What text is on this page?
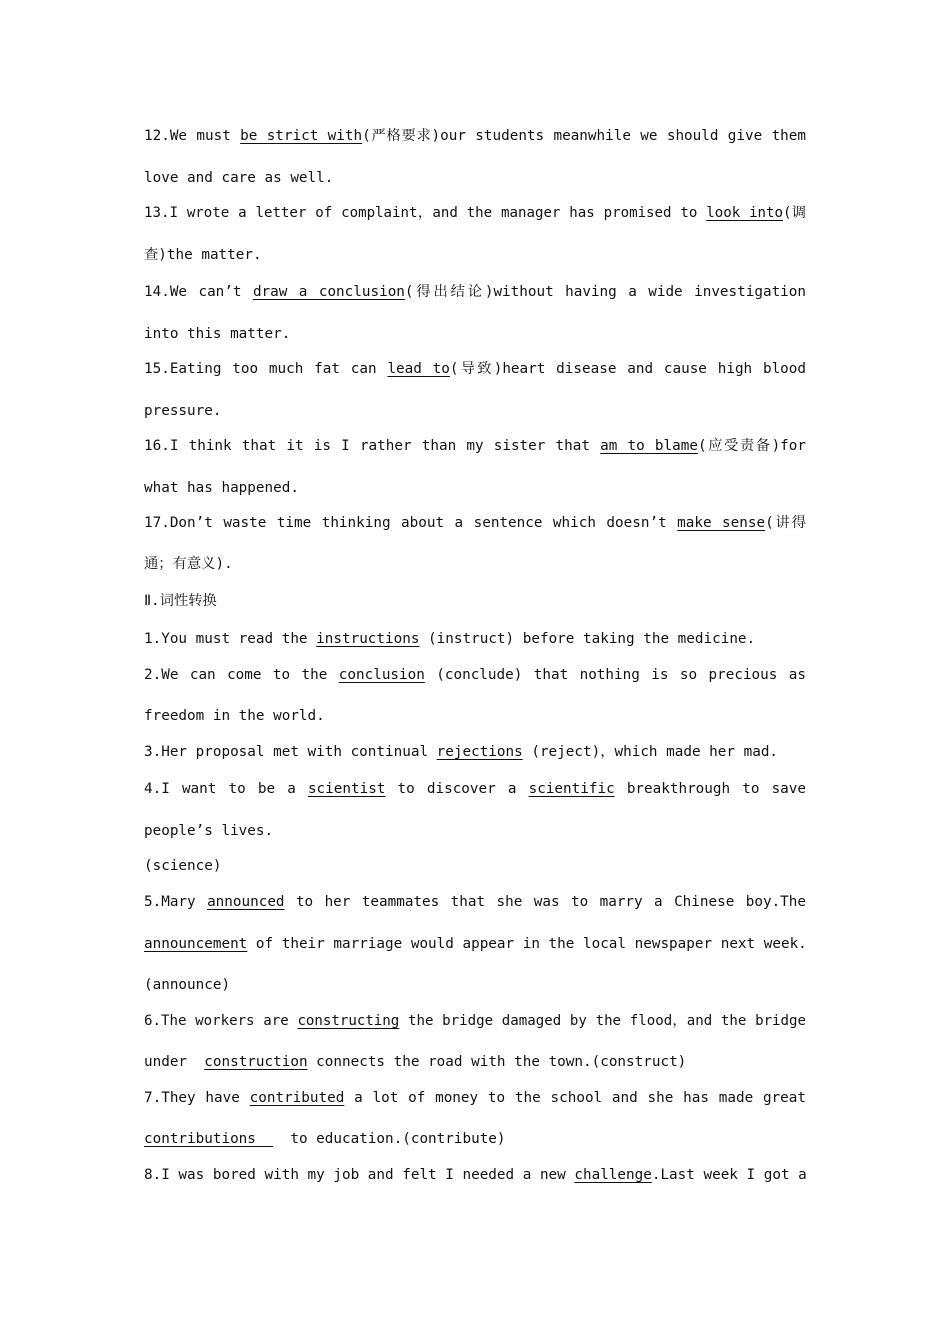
12.We must be strict with(严格要求)our students meanwhile we should give them
love and care as well.
13.I wrote a letter of complaint，and the manager has promised to look into(调
查)the matter.
14.We can’t draw a conclusion(得出结论)without having a wide investigation
into this matter.
15.Eating too much fat can lead to(导致)heart disease and cause high blood
pressure.
16.I think that it is I rather than my sister that am to blame(应受责备)for
what has happened.
17.Don’t waste time thinking about a sentence which doesn’t make sense(讲得
通；有意义).
Ⅱ.词性转换
1.You must read the instructions (instruct) before taking the medicine.
2.We can come to the conclusion (conclude) that nothing is so precious as
freedom in the world.
3.Her proposal met with continual rejections (reject)，which made her mad.
4.I want to be a scientist to discover a scientific breakthrough to save
people’s lives.
(science)
5.Mary announced to her teammates that she was to marry a Chinese boy.The
announcement of their marriage would appear in the local newspaper next week.
(announce)
6.The workers are constructing the bridge damaged by the flood，and the bridge
under  construction connects the road with the town.(construct)
7.They have contributed a lot of money to the school and she has made great
contributions    to education.(contribute)
8.I was bored with my job and felt I needed a new challenge.Last week I got a
